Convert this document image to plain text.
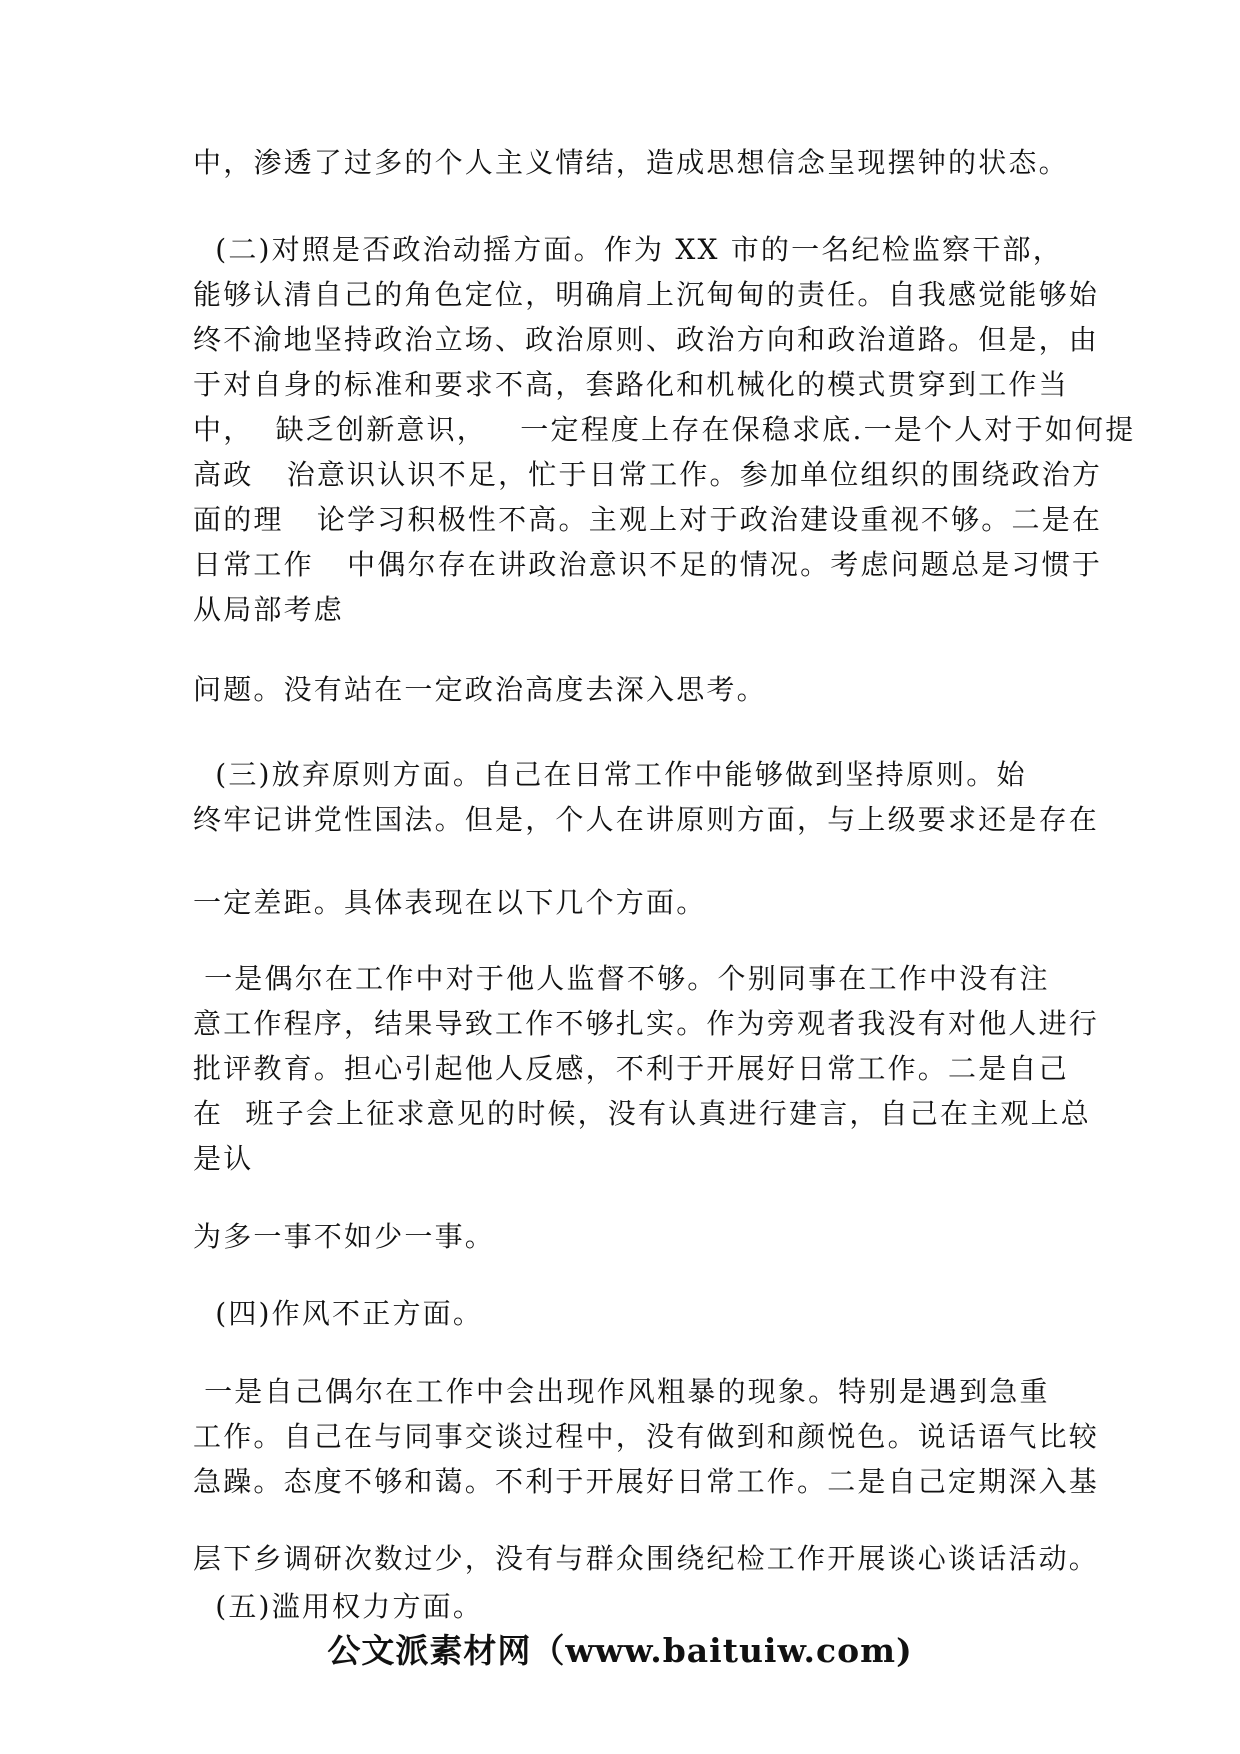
中，渗透了过多的个人主义情结，造成思想信念呈现摆钟的状态。
(二)对照是否政治动摇方面。作为 XX 市的一名纪检监察干部，
能够认清自己的角色定位，明确肩上沉甸甸的责任。自我感觉能够始
终不渝地坚持政治立场、政治原则、政治方向和政治道路。但是，由
于对自身的标准和要求不高，套路化和机械化的模式贯穿到工作当
中，  缺乏创新意识，   一定程度上存在保稳求底.一是个人对于如何提
高政   治意识认识不足，忙于日常工作。参加单位组织的围绕政治方
面的理   论学习积极性不高。主观上对于政治建设重视不够。二是在
日常工作   中偶尔存在讲政治意识不足的情况。考虑问题总是习惯于
从局部考虑
问题。没有站在一定政治高度去深入思考。
(三)放弃原则方面。自己在日常工作中能够做到坚持原则。始
终牢记讲党性国法。但是，个人在讲原则方面，与上级要求还是存在
一定差距。具体表现在以下几个方面。
一是偶尔在工作中对于他人监督不够。个别同事在工作中没有注
意工作程序，结果导致工作不够扎实。作为旁观者我没有对他人进行
批评教育。担心引起他人反感，不利于开展好日常工作。二是自己
在  班子会上征求意见的时候，没有认真进行建言，自己在主观上总
是认
为多一事不如少一事。
(四)作风不正方面。
一是自己偶尔在工作中会出现作风粗暴的现象。特别是遇到急重
工作。自己在与同事交谈过程中，没有做到和颜悦色。说话语气比较
急躁。态度不够和蔼。不利于开展好日常工作。二是自己定期深入基
层下乡调研次数过少，没有与群众围绕纪检工作开展谈心谈话活动。
(五)滥用权力方面。
公文派素材网（www.baituiw.com)
